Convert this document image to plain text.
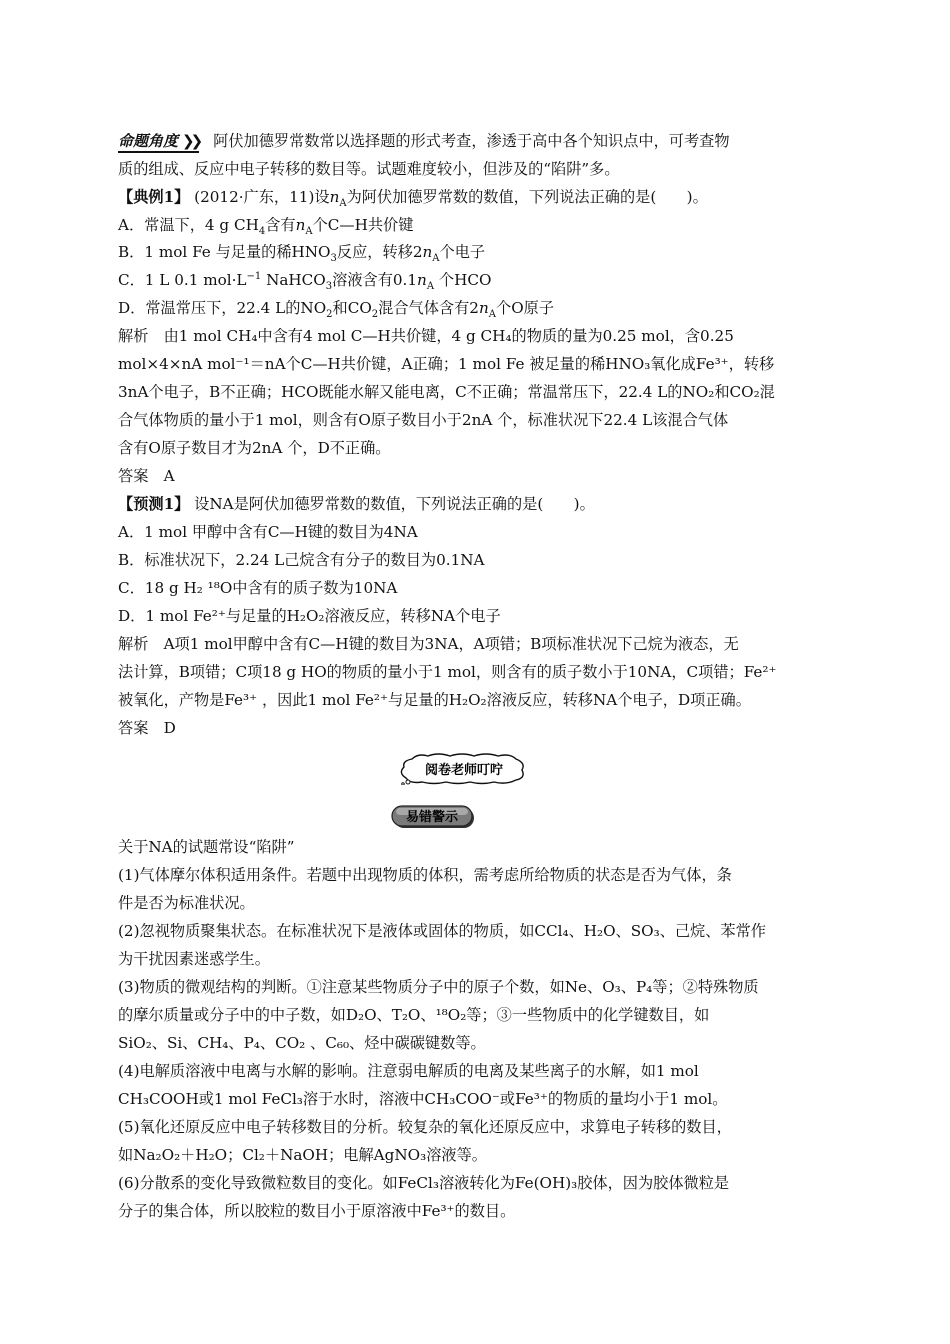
命题角度 ❯❯ 阿伏加德罗常数常以选择题的形式考查，渗透于高中各个知识点中，可考查物
质的组成、反应中电子转移的数目等。试题难度较小，但涉及的“陷阱”多。
【典例1】 (2012·广东，11)设$n_A$为阿伏加德罗常数的数值，下列说法正确的是(　　)。
A．常温下，4 g $CH_4$含有$n_A$个C—H共价键
B．1 mol Fe 与足量的稀$HNO_3$反应，转移$2n_A$个电子
C．1 L 0.1 $mol\cdot L^{-1}$ NaHCO$_3$溶液含有$0.1n_A$ 个HCO
D．常温常压下，22.4 L的$NO_2$和$CO_2$混合气体含有$2n_A$个O原子
解析　由1 mol CH₄中含有4 mol C—H共价键，4 g CH₄的物质的量为0.25 mol，含0.25
mol×4×nA mol⁻¹＝nA个C—H共价键，A正确；1 mol Fe 被足量的稀HNO₃氧化成Fe³⁺，转移
3nA个电子，B不正确；HCO既能水解又能电离，C不正确；常温常压下，22.4 L的NO₂和CO₂混
合气体物质的量小于1 mol，则含有O原子数目小于2nA 个，标准状况下22.4 L该混合气体
含有O原子数目才为2nA 个，D不正确。
答案　A
【预测1】 设NA是阿伏加德罗常数的数值，下列说法正确的是(　　)。
A．1 mol 甲醇中含有C—H键的数目为4NA
B．标准状况下，2.24 L己烷含有分子的数目为0.1NA
C．18 g H₂ ¹⁸O中含有的质子数为10NA
D．1 mol Fe²⁺与足量的H₂O₂溶液反应，转移NA个电子
解析　A项1 mol甲醇中含有C—H键的数目为3NA，A项错；B项标准状况下己烷为液态，无
法计算，B项错；C项18 g HO的物质的量小于1 mol，则含有的质子数小于10NA，C项错；Fe²⁺
被氧化，产物是Fe³⁺ ，因此1 mol Fe²⁺与足量的H₂O₂溶液反应，转移NA个电子，D项正确。
答案　D
阅卷老师叮咛
易错警示
关于NA的试题常设“陷阱”
(1)气体摩尔体积适用条件。若题中出现物质的体积，需考虑所给物质的状态是否为气体，条
件是否为标准状况。
(2)忽视物质聚集状态。在标准状况下是液体或固体的物质，如CCl₄、H₂O、SO₃、己烷、苯常作
为干扰因素迷惑学生。
(3)物质的微观结构的判断。①注意某些物质分子中的原子个数，如Ne、O₃、P₄等；②特殊物质
的摩尔质量或分子中的中子数，如D₂O、T₂O、¹⁸O₂等；③一些物质中的化学键数目，如
SiO₂、Si、CH₄、P₄、CO₂ 、C₆₀、烃中碳碳键数等。
(4)电解质溶液中电离与水解的影响。注意弱电解质的电离及某些离子的水解，如1 mol
CH₃COOH或1 mol FeCl₃溶于水时，溶液中CH₃COO⁻或Fe³⁺的物质的量均小于1 mol。
(5)氧化还原反应中电子转移数目的分析。较复杂的氧化还原反应中，求算电子转移的数目，
如Na₂O₂＋H₂O；Cl₂＋NaOH；电解AgNO₃溶液等。
(6)分散系的变化导致微粒数目的变化。如FeCl₃溶液转化为Fe(OH)₃胶体，因为胶体微粒是
分子的集合体，所以胶粒的数目小于原溶液中Fe³⁺的数目。
